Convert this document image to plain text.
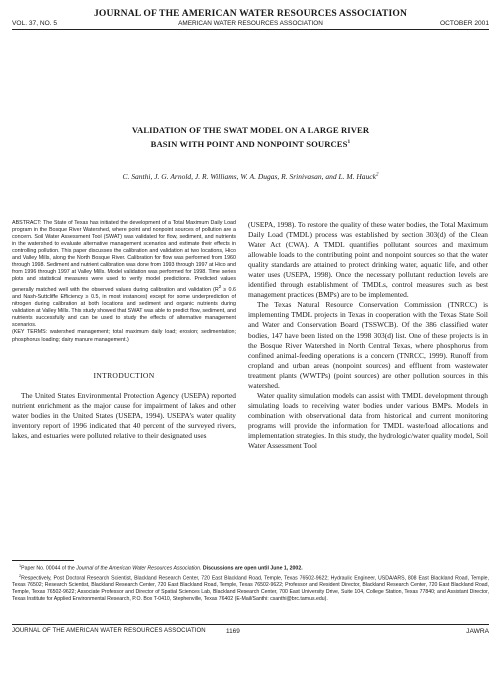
JOURNAL OF THE AMERICAN WATER RESOURCES ASSOCIATION
VOL. 37, NO. 5	AMERICAN WATER RESOURCES ASSOCIATION	OCTOBER 2001
VALIDATION OF THE SWAT MODEL ON A LARGE RIVER
BASIN WITH POINT AND NONPOINT SOURCES$^1$
C. Santhi, J. G. Arnold, J. R. Williams, W. A. Dugas, R. Srinivasan, and L. M. Hauck$^2$

ABSTRACT: The State of Texas has initiated the development of a Total Maximum Daily Load program in the Bosque River Watershed, where point and nonpoint sources of pollution are a concern. Soil Water Assessment Tool (SWAT) was validated for flow, sediment, and nutrients in the watershed to evaluate alternative management scenarios and estimate their effects in controlling pollution. This paper discusses the calibration and validation at two locations, Hico and Valley Mills, along the North Bosque River. Calibration for flow was performed from 1960 through 1998. Sediment and nutrient calibration was done from 1993 through 1997 at Hico and from 1996 through 1997 at Valley Mills. Model validation was performed for 1998. Time series plots and statistical measures were used to verify model predictions. Predicted values generally matched well with the observed values during calibration and validation ($R^2 \ge 0.6$ and Nash-Suttcliffe Efficiency ≥ 0.5, in most instances) except for some underprediction of nitrogen during calibration at both locations and sediment and organic nutrients during validation at Valley Mills. This study showed that SWAT was able to predict flow, sediment, and nutrients successfully and can be used to study the effects of alternative management scenarios.
(KEY TERMS: watershed management; total maximum daily load; erosion; sedimentation; phosphorus loading; dairy manure management.)

INTRODUCTION

The United States Environmental Protection Agency (USEPA) reported nutrient enrichment as the major cause for impairment of lakes and other water bodies in the United States (USEPA, 1994). USEPA's water quality inventory report of 1996 indicated that 40 percent of the surveyed rivers, lakes, and estuaries were polluted relative to their designated uses

(USEPA, 1998). To restore the quality of these water bodies, the Total Maximum Daily Load (TMDL) process was established by section 303(d) of the Clean Water Act (CWA). A TMDL quantifies pollutant sources and maximum allowable loads to the contributing point and nonpoint sources so that the water quality standards are attained to protect drinking water, aquatic life, and other water uses (USEPA, 1998). Once the necessary pollutant reduction levels are identified through establishment of TMDLs, control measures such as best management practices (BMPs) are to be implemented.

The Texas Natural Resource Conservation Commission (TNRCC) is implementing TMDL projects in Texas in cooperation with the Texas State Soil and Water and Conservation Board (TSSWCB). Of the 386 classified water bodies, 147 have been listed on the 1998 303(d) list. One of these projects is in the Bosque River Watershed in North Central Texas, where phosphorus from confined animal-feeding operations is a concern (TNRCC, 1999). Runoff from cropland and urban areas (nonpoint sources) and effluent from wastewater treatment plants (WWTPs) (point sources) are other pollution sources in this watershed.

Water quality simulation models can assist with TMDL development through simulating loads to receiving water bodies under various BMPs. Models in combination with observational data from historical and current monitoring programs will provide the information for TMDL waste/load allocations and implementation strategies. In this study, the hydrologic/water quality model, Soil Water Assessment Tool

$^1$Paper No. 00044 of the Journal of the American Water Resources Association. Discussions are open until June 1, 2002.

$^2$Respectively, Post Doctoral Research Scientist, Blackland Research Center, 720 East Blackland Road, Temple, Texas 76502-9622; Hydraulic Engineer, USDA/ARS, 808 East Blackland Road, Temple, Texas 76502; Research Scientist, Blackland Research Center, 720 East Blackland Road, Temple, Texas 76502-9622; Professor and Resident Director, Blackland Research Center, 720 East Blackland Road, Temple, Texas 76502-9622; Associate Professor and Director of Spatial Sciences Lab, Blackland Research Center, 700 East University Drive, Suite 104, College Station, Texas 77840; and Assistant Director, Texas Institute for Applied Environmental Research, P.O. Box T-0410, Stephenville, Texas 76402 (E-Mail/Santhi: csanthi@brc.tamus.edu).

JOURNAL OF THE AMERICAN WATER RESOURCES ASSOCIATION	1169	JAWRA
